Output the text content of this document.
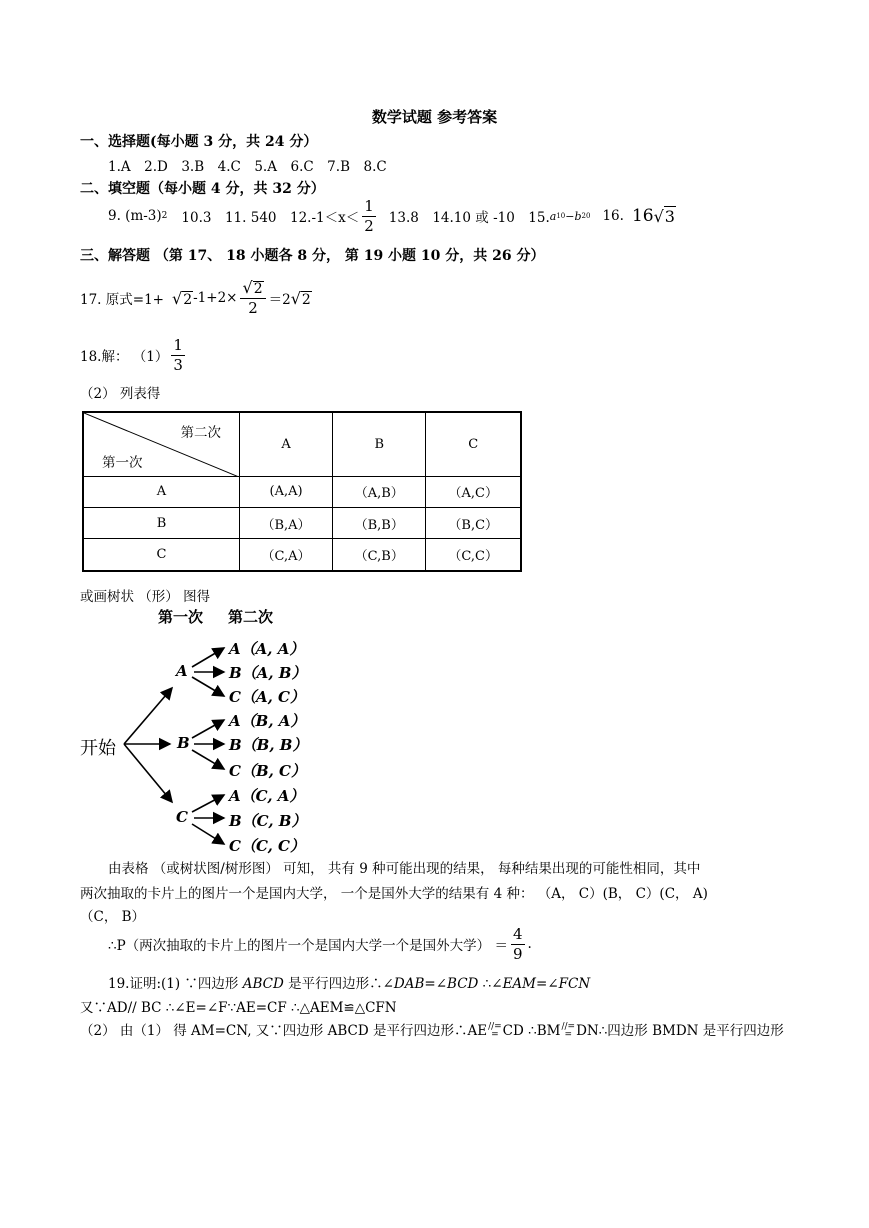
数学试题 参考答案
一、选择题(每小题 3 分，共 24 分）
1.A　2.D　3.B　4.C　5.A　6.C　7.B　8.C
二、填空题（每小题 4 分，共 32 分）
9. (m-3) 2 10.3　11. 540　$12.-1<x< \frac{1}{2} 13.8$　14.10 或 -10　15. a 10 − b 20 16. 16 √ 3
三、解答题 （第 17、 18 小题各 8 分， 第 19 小题 10 分，共 26 分）
17. 原式=1+ √ 2 $-1+2\times \frac{√ 2}{2} =2$ √ 2
18.解： $(1) \frac{1}{3}$
（2） 列表得
第二次
第一次	A	B	C
A	(A,A)	（A,B）	（A,C）
B	（B,A）	（B,B）	（B,C）
C	（C,A）	（C,B）	（C,C）
或画树状 （形） 图得
第一次 第二次
开始
A
B
C
A（A, A）
B（A, B）
C（A, C）
A（B, A）
B（B, B）
C（B, C）
A（C, A）
B（C, B）
C（C, C）
由表格 （或树状图/树形图） 可知， 共有 9 种可能出现的结果， 每种结果出现的可能性相同，其中
两次抽取的卡片上的图片一个是国内大学， 一个是国外大学的结果有 4 种： （A， C）(B， C）(C， A)
（C， B）
∴P（两次抽取的卡片上的图片一个是国内大学一个是国外大学） ＝ $\frac{4}{9}$ .
19.证明:(1) ∵四边形 ABCD 是平行四边形∴∠DAB=∠BCD ∴∠EAM=∠FCN
又∵AD// BC ∴∠E=∠F∵AE=CF ∴△AEM≌△CFN
（2） 由（1） 得 AM=CN, 又∵四边形 ABCD 是平行四边形∴AE //=
= CD ∴BM //=
= DN∴四边形 BMDN 是平行四边形
